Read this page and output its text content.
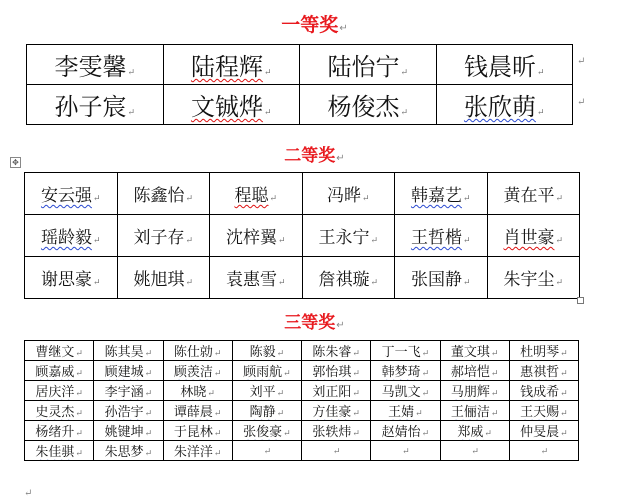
一等奖↵
李雯馨↵	陆程辉↵	陆怡宁↵	钱晨昕↵
孙子宸↵	文铖烨↵	杨俊杰↵	张欣萌↵
↵
↵
✥	二等奖↵
安云强↵	陈鑫怡↵	程聪↵	冯晔↵	韩嘉艺↵	黄在平↵
瑶龄毅↵	刘子存↵	沈梓翼↵	王永宁↵	王哲楷↵	肖世豪↵
谢思豪↵	姚旭琪↵	袁惠雪↵	詹祺璇↵	张国静↵	朱宇尘↵
三等奖↵
曹继文↵	陈其昊↵	陈仕勍↵	陈毅↵	陈朱睿↵	丁一飞↵	董文琪↵	杜明琴↵
顾嘉威↵	顾建城↵	顾羡洁↵	顾雨航↵	郭怡琪↵	韩梦琦↵	郝培恺↵	惠祺哲↵
居庆洋↵	李宇涵↵	林晓↵	刘平↵	刘正阳↵	马凯文↵	马朋辉↵	钱成希↵
史灵杰↵	孙浩宇↵	谭薛晨↵	陶静↵	方佳豪↵	王婧↵	王俪洁↵	王天赐↵
杨绪升↵	姚键坤↵	于昆林↵	张俊豪↵	张轶炜↵	赵婧怡↵	郑威↵	仲旻晨↵
朱佳骐↵	朱思梦↵	朱洋洋↵	↵	↵	↵	↵	↵
↵
